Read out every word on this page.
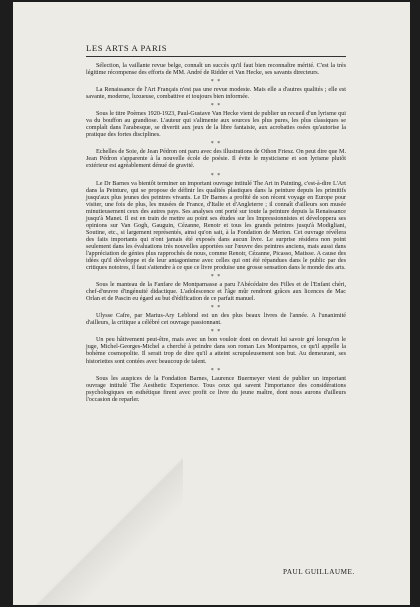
LES ARTS A PARIS

Sélection, la vaillante revue belge, connaît un succès qu'il faut bien reconnaître mérité. C'est la très légitime récompense des efforts de MM. André de Ridder et Van Hecke, ses savants directeurs.

* *

La Renaissance de l'Art Français n'est pas une revue modeste. Mais elle a d'autres qualités ; elle est savante, moderne, luxueuse, combattive et toujours bien informée.

* *

Sous le titre Poèmes 1920-1923, Paul-Gustave Van Hecke vient de publier un recueil d'un lyrisme qui va du bouffon au grandiose. L'auteur qui s'alimente aux sources les plus pures, les plus classiques se complaît dans l'arabesque, se divertit aux jeux de la libre fantaisie, aux acrobaties osées qu'autorise la pratique des fortes disciplines.

* *

Echelles de Soie, de Jean Pédron ont paru avec des illustrations de Othon Friesz. On peut dire que M. Jean Pédron s'apparente à la nouvelle école de poésie. Il évite le mysticisme et son lyrisme plutôt extérieur est agréablement dénué de gravité.

* *

Le Dr Barnes va bientôt terminer un important ouvrage intitulé The Art in Painting, c'est-à-dire L'Art dans la Peinture, qui se propose de définir les qualités plastiques dans la peinture depuis les primitifs jusqu'aux plus jeunes des peintres vivants. Le Dr Barnes a profité de son récent voyage en Europe pour visiter, une fois de plus, les musées de France, d'Italie et d'Angleterre ; il connaît d'ailleurs son musée minutieusement ceux des autres pays. Ses analyses ont porté sur toute la peinture depuis la Renaissance jusqu'à Manet. Il est en train de mettre au point ses études sur les Impressionnistes et développera ses opinions sur Van Gogh, Gauguin, Cézanne, Renoir et tous les grands peintres jusqu'à Modigliani, Soutine, etc., si largement représentés, ainsi qu'on sait, à la Fondation de Merion. Cet ouvrage révélera des faits importants qui n'ont jamais été exposés dans aucun livre. Le surprise résidera non point seulement dans les évaluations très nouvelles apportées sur l'œuvre des peintres anciens, mais aussi dans l'appréciation de génies plus rapprochés de nous, comme Renoir, Cézanne, Picasso, Matisse. A cause des idées qu'il développe et de leur antagonisme avec celles qui ont été répandues dans le public par des critiques notoires, il faut s'attendre à ce que ce livre produise une grosse sensation dans le monde des arts.

* *

Sous le manteau de la Fanfare de Montparnasse a paru l'Abécédaire des Filles et de l'Enfant chéri, chef-d'œuvre d'ingénuité didactique. L'adolescence et l'âge mûr rendront grâces aux licences de Mac Orlan et de Pascin eu égard au but d'édification de ce parfait manuel.

* *

Ulysse Cafre, par Marius-Ary Leblond est un des plus beaux livres de l'année. A l'unanimité d'ailleurs, la critique a célébré cet ouvrage passionnant.

* *

Un peu hâtivement peut-être, mais avec un bon vouloir dont on devrait lui savoir gré lorsqu'on le juge, Michel-Georges-Michel a cherché à peindre dans son roman Les Montparnos, ce qu'il appelle la bohème cosmopolite. Il serait trop de dire qu'il a atteint scrupuleusement son but. Au demeurant, ses historiettes sont contées avec beaucoup de talent.

* *

Sous les auspices de la Fondation Barnes, Laurence Buermeyer vient de publier un important ouvrage intitulé The Aesthetic Experience. Tous ceux qui savent l'importance des considérations psychologiques en esthétique firent avec profit ce livre du jeune maître, dont nous aurons d'ailleurs l'occasion de reparler.

PAUL GUILLAUME.
